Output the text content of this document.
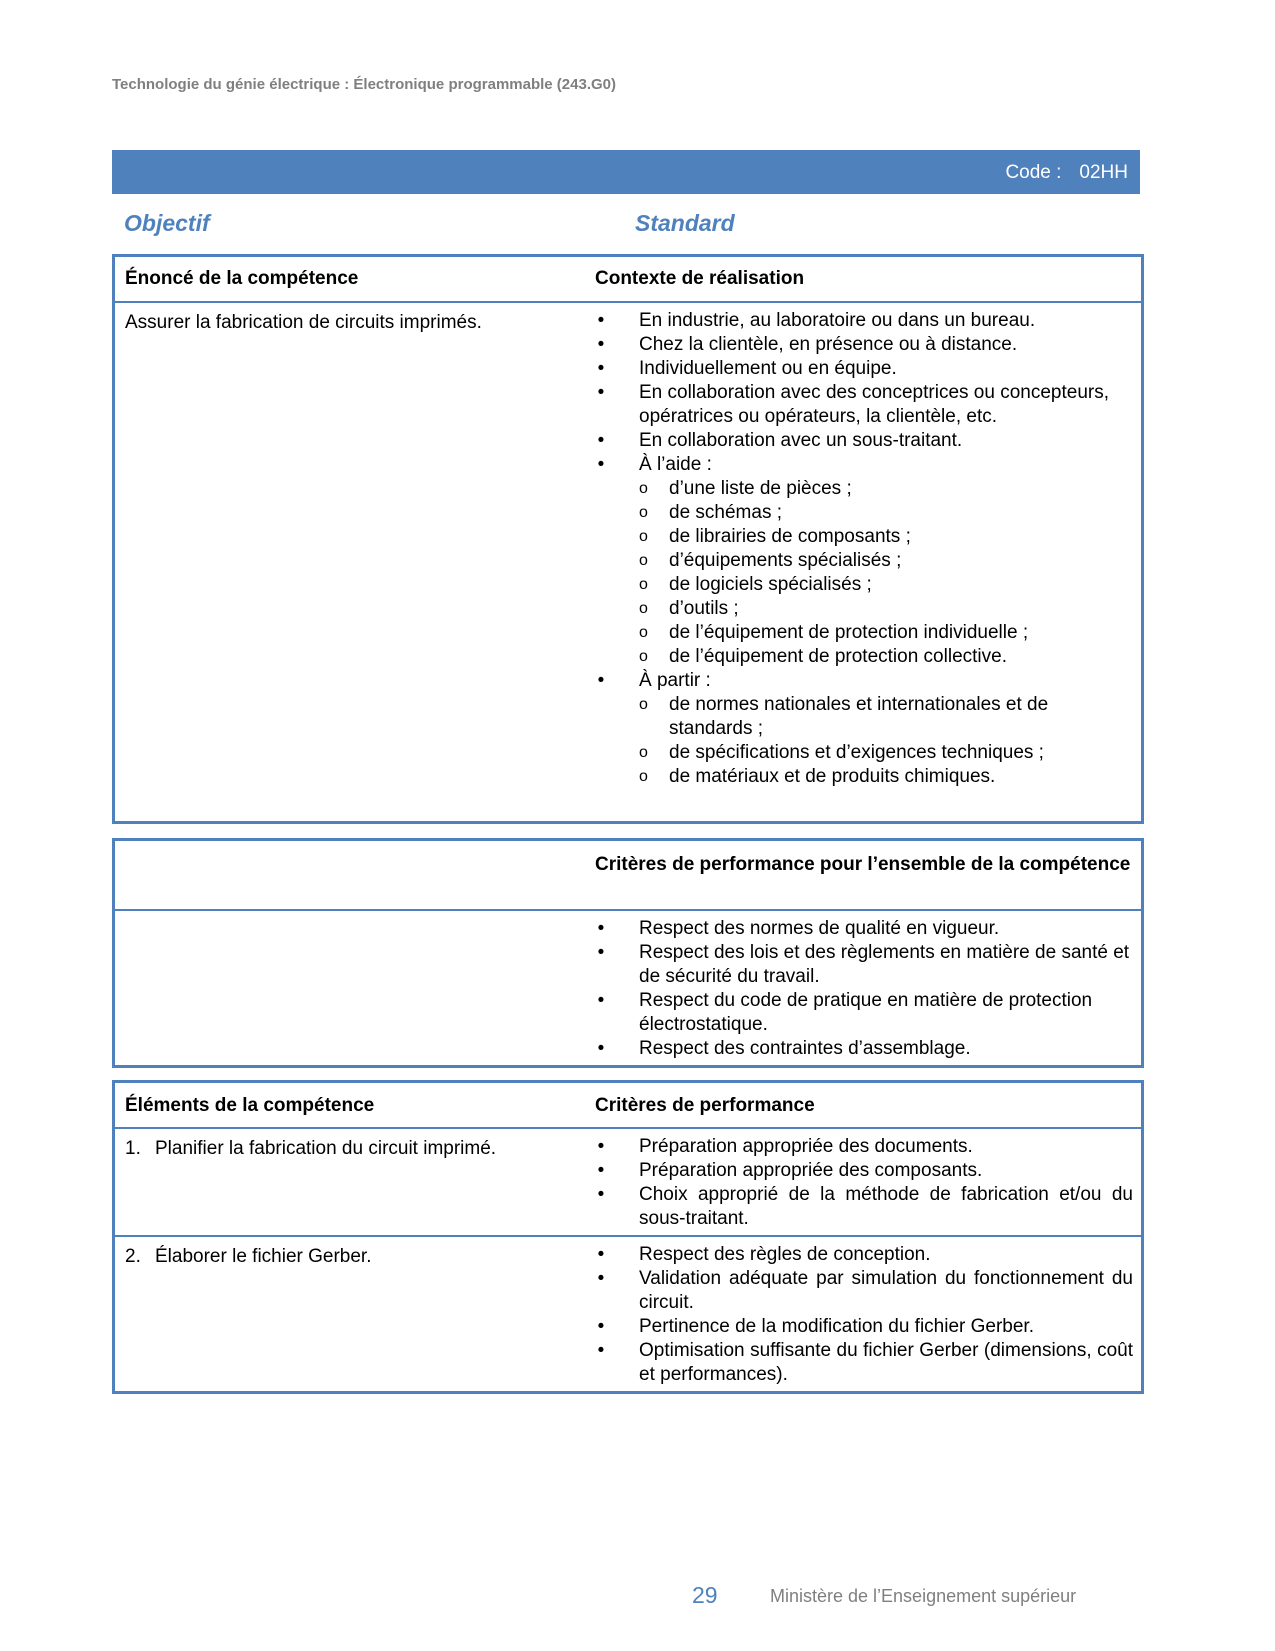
Technologie du génie électrique : Électronique programmable (243.G0)
Code : 02HH
Objectif	Standard
Énoncé de la compétence	Contexte de réalisation
Assurer la fabrication de circuits imprimés.	• En industrie, au laboratoire ou dans un bureau.
• Chez la clientèle, en présence ou à distance.
• Individuellement ou en équipe.
• En collaboration avec des conceptrices ou concepteurs, opératrices ou opérateurs, la clientèle, etc.
• En collaboration avec un sous-traitant.
• À l’aide :
o d’une liste de pièces ;
o de schémas ;
o de librairies de composants ;
o d’équipements spécialisés ;
o de logiciels spécialisés ;
o d’outils ;
o de l’équipement de protection individuelle ;
o de l’équipement de protection collective.
• À partir :
o de normes nationales et internationales et de standards ;
o de spécifications et d’exigences techniques ;
o de matériaux et de produits chimiques.
Critères de performance pour l’ensemble de la compétence
• Respect des normes de qualité en vigueur.
• Respect des lois et des règlements en matière de santé et de sécurité du travail.
• Respect du code de pratique en matière de protection électrostatique.
• Respect des contraintes d’assemblage.
Éléments de la compétence	Critères de performance
1. Planifier la fabrication du circuit imprimé.	• Préparation appropriée des documents.
• Préparation appropriée des composants.
• Choix approprié de la méthode de fabrication et/ou du sous-traitant.
2. Élaborer le fichier Gerber.	• Respect des règles de conception.
• Validation adéquate par simulation du fonctionnement du circuit.
• Pertinence de la modification du fichier Gerber.
• Optimisation suffisante du fichier Gerber (dimensions, coût et performances).
29	Ministère de l’Enseignement supérieur
